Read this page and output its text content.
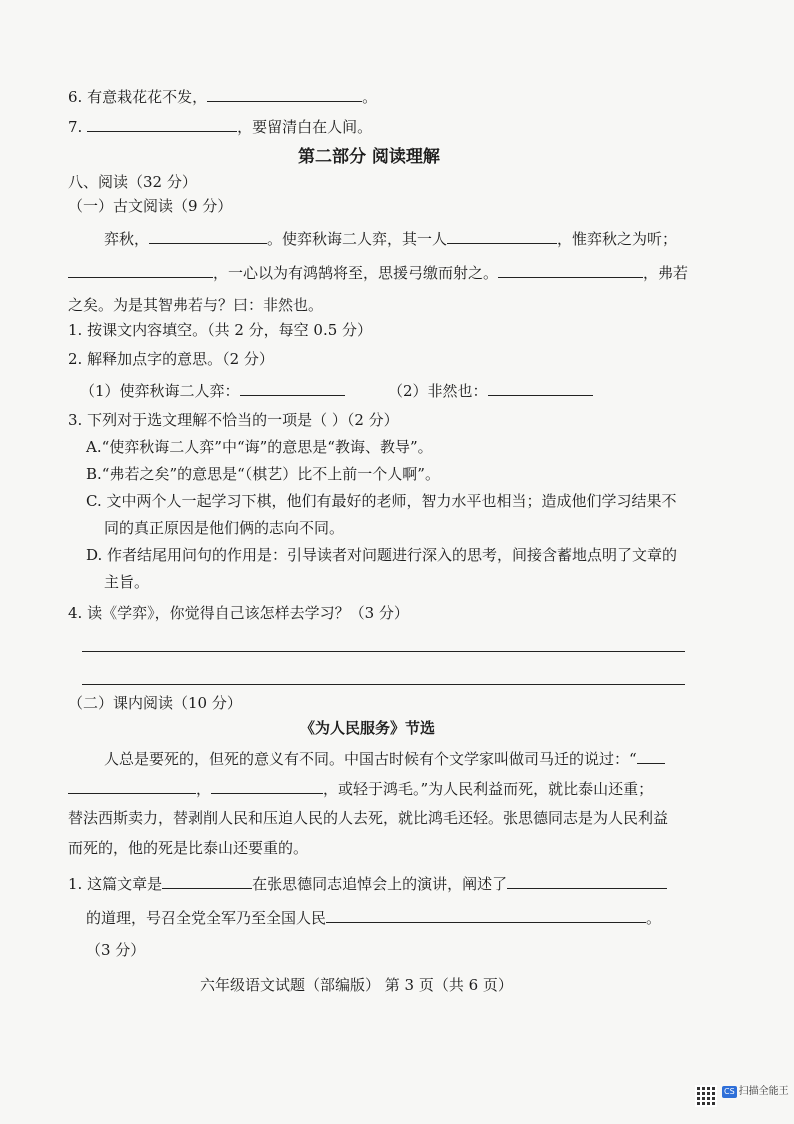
6. 有意栽花花不发，	。
7.	，要留清白在人间。
第二部分 阅读理解
八、阅读（32 分）
（一）古文阅读（9 分）
弈秋，	。使弈秋诲二人弈，其一人	，惟弈秋之为听；
，一心以为有鸿鹄将至，思援弓缴而射之。	，弗若
之矣。为是其智弗若与？曰：非然也。
1. 按课文内容填空。（共 2 分，每空 0.5 分）
2. 解释加点字的意思。（2 分）
（1）使弈秋诲二人弈：	（2）非然也：
3. 下列对于选文理解不恰当的一项是（ ）（2 分）
A.“使弈秋诲二人弈”中“诲”的意思是“教诲、教导”。
B.“弗若之矣”的意思是“（棋艺）比不上前一个人啊”。
C. 文中两个人一起学习下棋，他们有最好的老师，智力水平也相当；造成他们学习结果不
同的真正原因是他们俩的志向不同。
D. 作者结尾用问句的作用是：引导读者对问题进行深入的思考，间接含蓄地点明了文章的
主旨。
4. 读《学弈》，你觉得自己该怎样去学习？（3 分）
（二）课内阅读（10 分）
《为人民服务》节选
人总是要死的，但死的意义有不同。中国古时候有个文学家叫做司马迁的说过：“
，	，或轻于鸿毛。”为人民利益而死，就比泰山还重；
替法西斯卖力，替剥削人民和压迫人民的人去死，就比鸿毛还轻。张思德同志是为人民利益
而死的，他的死是比泰山还要重的。
1. 这篇文章是	在张思德同志追悼会上的演讲，阐述了
的道理，号召全党全军乃至全国人民	。
（3 分）
六年级语文试题（部编版） 第 3 页（共 6 页）
CS 扫描全能王
